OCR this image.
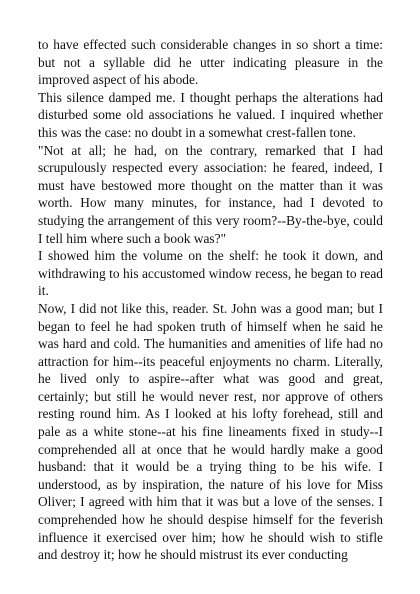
to have effected such considerable changes in so short a time: but not a syllable did he utter indicating pleasure in the improved aspect of his abode.

This silence damped me. I thought perhaps the alterations had disturbed some old associations he valued. I inquired whether this was the case: no doubt in a somewhat crest-fallen tone.

"Not at all; he had, on the contrary, remarked that I had scrupulously respected every association: he feared, indeed, I must have bestowed more thought on the matter than it was worth. How many minutes, for instance, had I devoted to studying the arrangement of this very room?--By-the-bye, could I tell him where such a book was?"

I showed him the volume on the shelf: he took it down, and withdrawing to his accustomed window recess, he began to read it.

Now, I did not like this, reader. St. John was a good man; but I began to feel he had spoken truth of himself when he said he was hard and cold. The humanities and amenities of life had no attraction for him--its peaceful enjoyments no charm. Literally, he lived only to aspire--after what was good and great, certainly; but still he would never rest, nor approve of others resting round him. As I looked at his lofty forehead, still and pale as a white stone--at his fine lineaments fixed in study--I comprehended all at once that he would hardly make a good husband: that it would be a trying thing to be his wife. I understood, as by inspiration, the nature of his love for Miss Oliver; I agreed with him that it was but a love of the senses. I comprehended how he should despise himself for the feverish influence it exercised over him; how he should wish to stifle and destroy it; how he should mistrust its ever conducting
